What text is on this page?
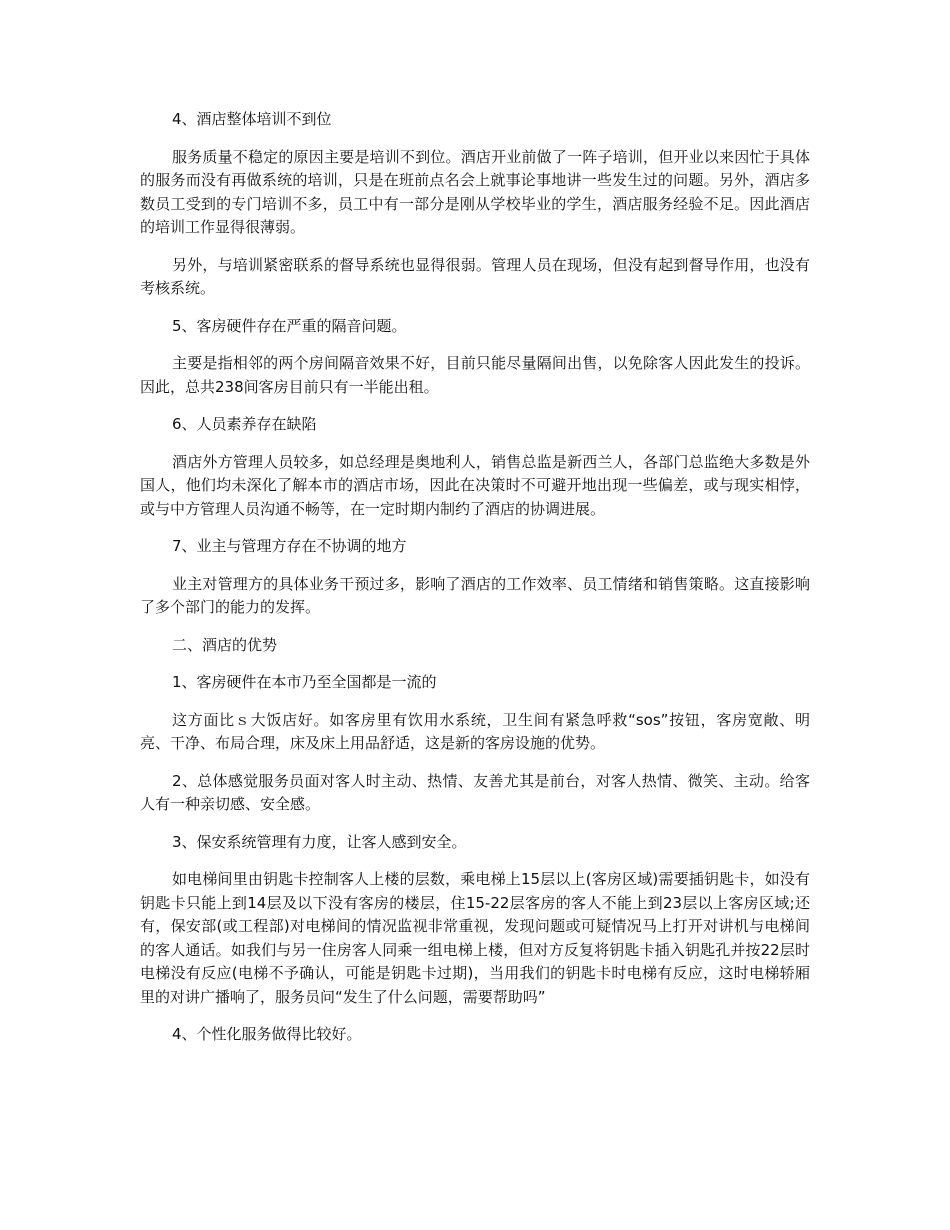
4、酒店整体培训不到位

服务质量不稳定的原因主要是培训不到位。酒店开业前做了一阵子培训，但开业以来因忙于具体的服务而没有再做系统的培训，只是在班前点名会上就事论事地讲一些发生过的问题。另外，酒店多数员工受到的专门培训不多，员工中有一部分是刚从学校毕业的学生，酒店服务经验不足。因此酒店的培训工作显得很薄弱。

另外，与培训紧密联系的督导系统也显得很弱。管理人员在现场，但没有起到督导作用，也没有考核系统。

5、客房硬件存在严重的隔音问题。

主要是指相邻的两个房间隔音效果不好，目前只能尽量隔间出售，以免除客人因此发生的投诉。因此，总共238间客房目前只有一半能出租。

6、人员素养存在缺陷

酒店外方管理人员较多，如总经理是奥地利人，销售总监是新西兰人，各部门总监绝大多数是外国人，他们均未深化了解本市的酒店市场，因此在决策时不可避开地出现一些偏差，或与现实相悖，或与中方管理人员沟通不畅等，在一定时期内制约了酒店的协调进展。

7、业主与管理方存在不协调的地方

业主对管理方的具体业务干预过多，影响了酒店的工作效率、员工情绪和销售策略。这直接影响了多个部门的能力的发挥。

二、酒店的优势

1、客房硬件在本市乃至全国都是一流的

这方面比ｓ大饭店好。如客房里有饮用水系统，卫生间有紧急呼救“sos”按钮，客房宽敞、明亮、干净、布局合理，床及床上用品舒适，这是新的客房设施的优势。

2、总体感觉服务员面对客人时主动、热情、友善尤其是前台，对客人热情、微笑、主动。给客人有一种亲切感、安全感。

3、保安系统管理有力度，让客人感到安全。

如电梯间里由钥匙卡控制客人上楼的层数，乘电梯上15层以上(客房区域)需要插钥匙卡，如没有钥匙卡只能上到14层及以下没有客房的楼层，住15-22层客房的客人不能上到23层以上客房区域;还有，保安部(或工程部)对电梯间的情况监视非常重视，发现问题或可疑情况马上打开对讲机与电梯间的客人通话。如我们与另一住房客人同乘一组电梯上楼，但对方反复将钥匙卡插入钥匙孔并按22层时电梯没有反应(电梯不予确认，可能是钥匙卡过期)，当用我们的钥匙卡时电梯有反应，这时电梯轿厢里的对讲广播响了，服务员问“发生了什么问题，需要帮助吗”

4、个性化服务做得比较好。
